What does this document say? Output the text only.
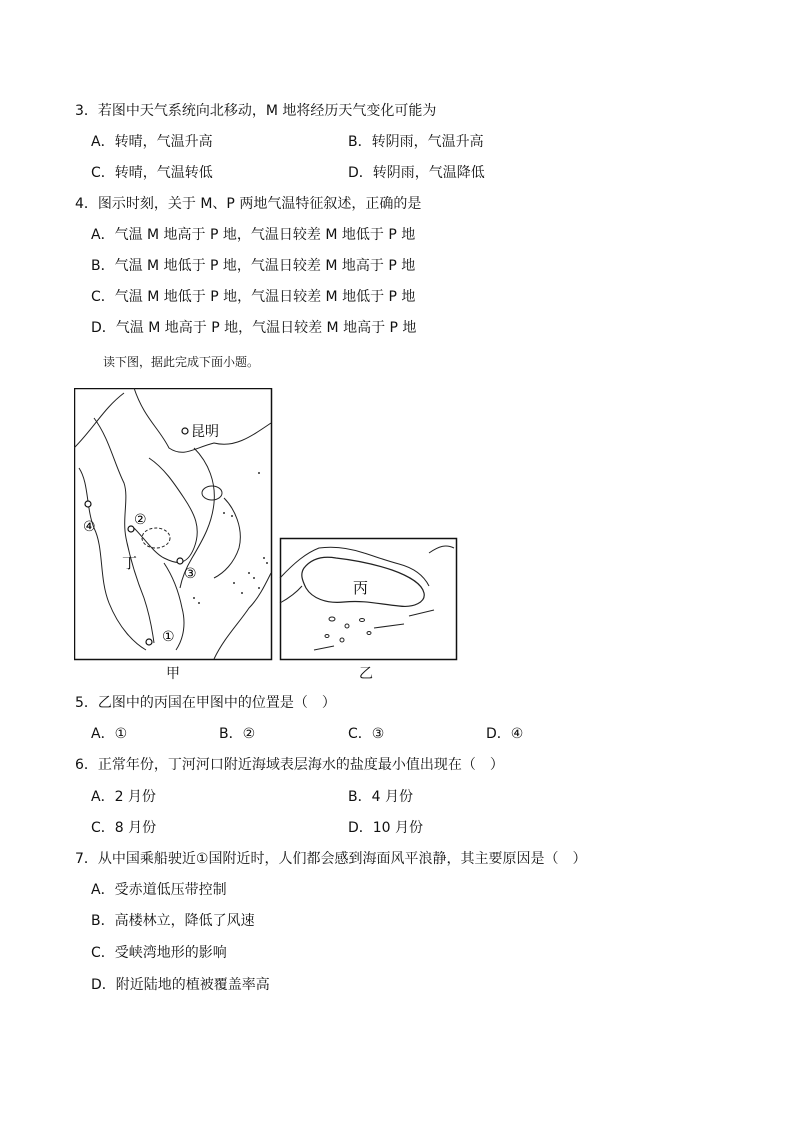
3．若图中天气系统向北移动，M 地将经历天气变化可能为
A．转晴，气温升高	B．转阴雨，气温升高
C．转晴，气温转低	D．转阴雨，气温降低
4．图示时刻，关于 M、P 两地气温特征叙述，正确的是
A．气温 M 地高于 P 地，气温日较差 M 地低于 P 地
B．气温 M 地低于 P 地，气温日较差 M 地高于 P 地
C．气温 M 地低于 P 地，气温日较差 M 地低于 P 地
D．气温 M 地高于 P 地，气温日较差 M 地高于 P 地
读下图，据此完成下面小题。
昆明
④	②
③
①
丁
丙
甲	乙
5．乙图中的丙国在甲图中的位置是（　）
A．①	B．②	C．③	D．④
6．正常年份，丁河河口附近海域表层海水的盐度最小值出现在（　）
A．2 月份	B．4 月份
C．8 月份	D．10 月份
7．从中国乘船驶近①国附近时，人们都会感到海面风平浪静，其主要原因是（　）
A．受赤道低压带控制
B．高楼林立，降低了风速
C．受峡湾地形的影响
D．附近陆地的植被覆盖率高
